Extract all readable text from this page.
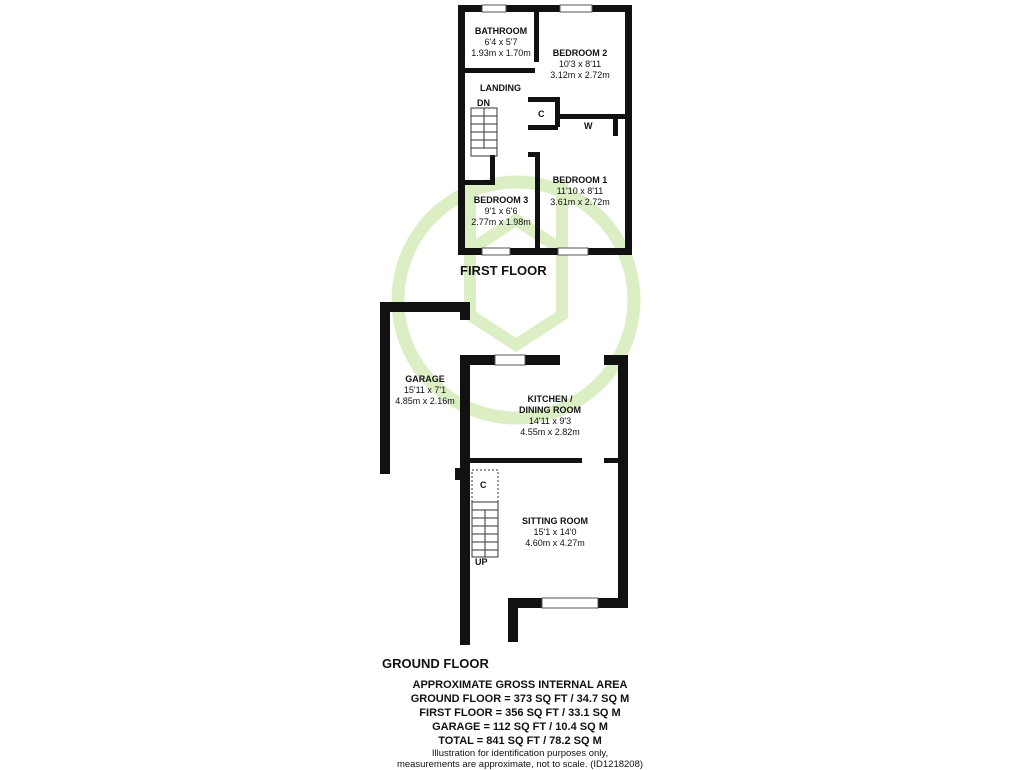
BATHROOM
6'4 x 5'7
1.93m x 1.70m	BEDROOM 2
10'3 x 8'11
3.12m x 2.72m
BEDROOM 1
11'10 x 8'11
3.61m x 2.72m
BEDROOM 3
9'1 x 6'6
2.77m x 1.98m
LANDING
DN
C
W
FIRST FLOOR
GARAGE
15'11 x 7'1
4.85m x 2.16m	KITCHEN /
DINING ROOM
14'11 x 9'3
4.55m x 2.82m
SITTING ROOM
15'1 x 14'0
4.60m x 4.27m
C
UP
GROUND FLOOR
APPROXIMATE GROSS INTERNAL AREA
GROUND FLOOR = 373 SQ FT / 34.7 SQ M
FIRST FLOOR = 356 SQ FT / 33.1 SQ M
GARAGE = 112 SQ FT / 10.4 SQ M
TOTAL = 841 SQ FT / 78.2 SQ M
Illustration for identification purposes only,
measurements are approximate, not to scale. (ID1218208)
